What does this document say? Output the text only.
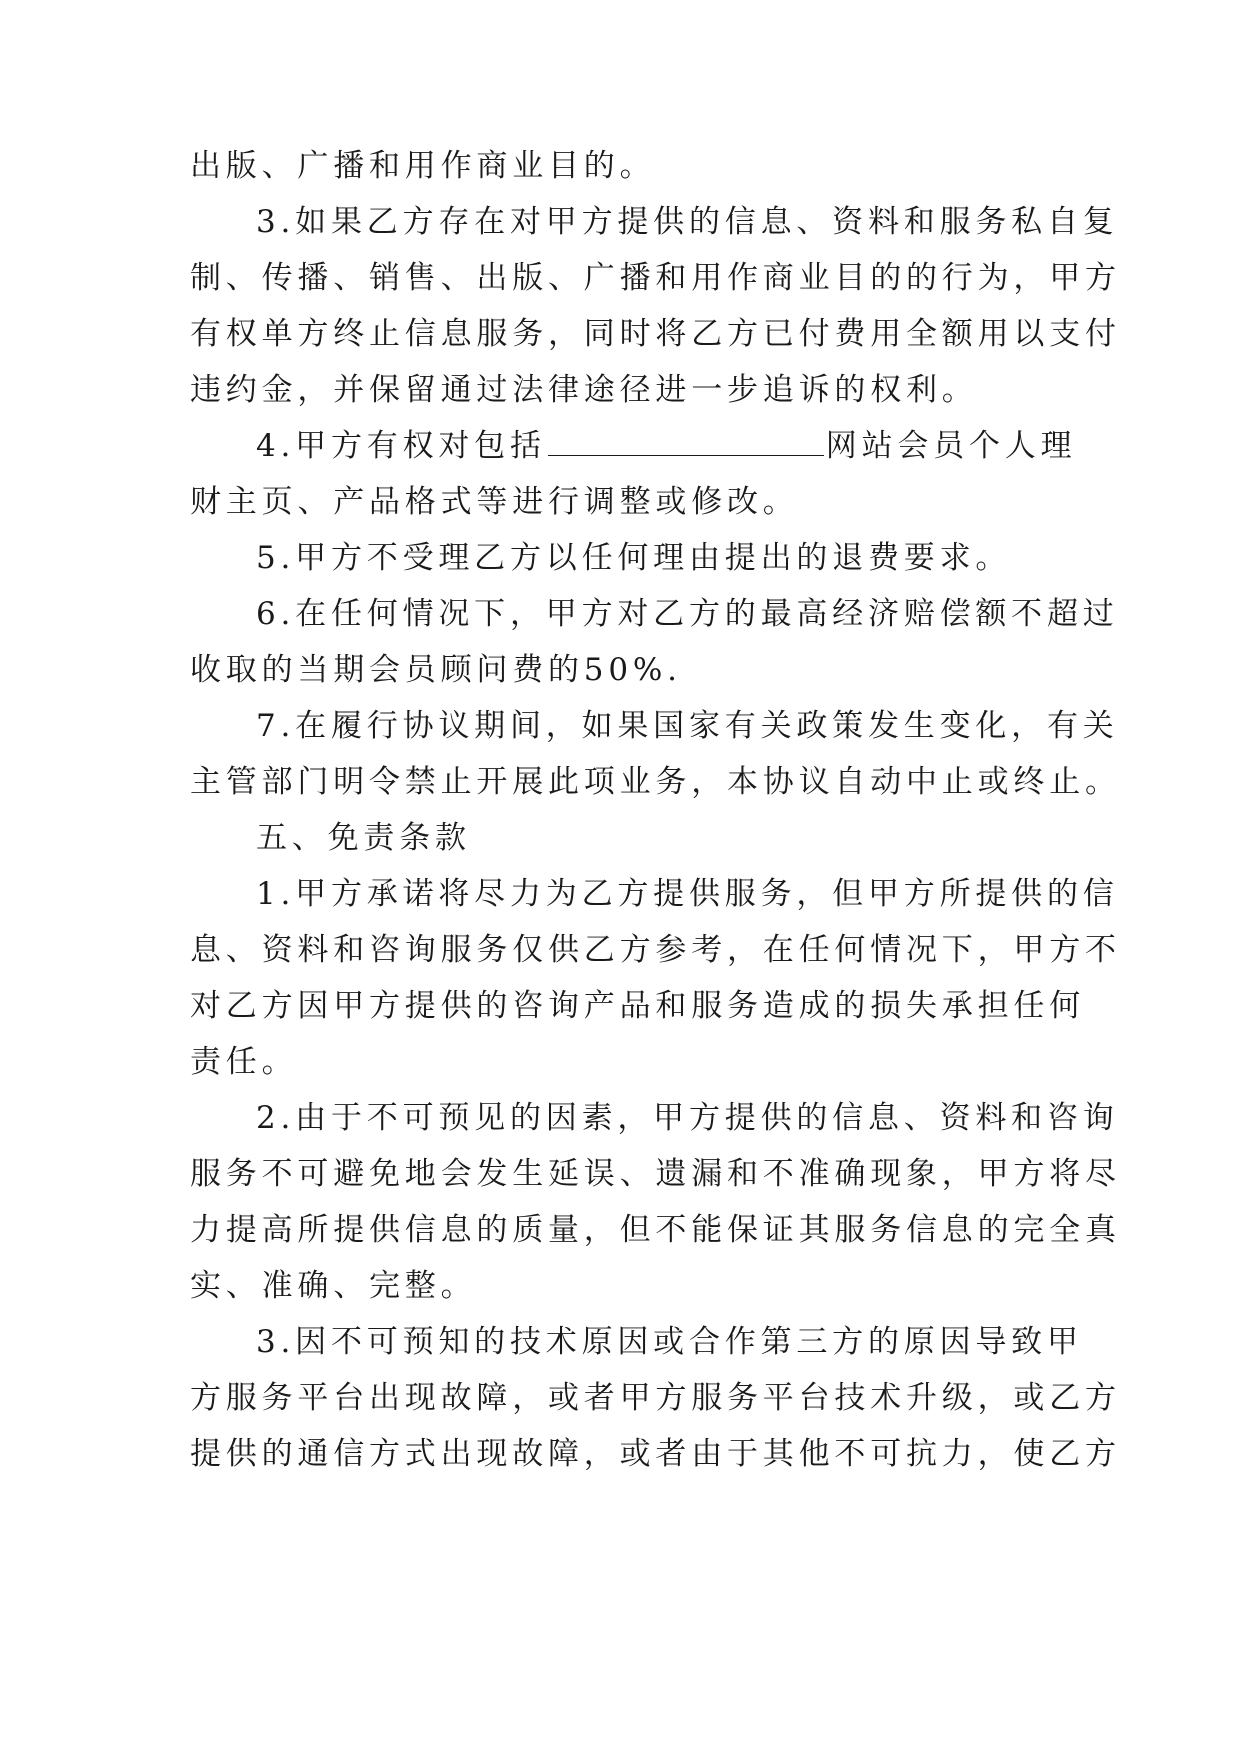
出版、广播和用作商业目的。
3.如果乙方存在对甲方提供的信息、资料和服务私自复
制、传播、销售、出版、广播和用作商业目的的行为，甲方
有权单方终止信息服务，同时将乙方已付费用全额用以支付
违约金，并保留通过法律途径进一步追诉的权利。
4.甲方有权对包括	网站会员个人理
财主页、产品格式等进行调整或修改。
5.甲方不受理乙方以任何理由提出的退费要求。
6.在任何情况下，甲方对乙方的最高经济赔偿额不超过
收取的当期会员顾问费的50%.
7.在履行协议期间，如果国家有关政策发生变化，有关
主管部门明令禁止开展此项业务，本协议自动中止或终止。
五、免责条款
1.甲方承诺将尽力为乙方提供服务，但甲方所提供的信
息、资料和咨询服务仅供乙方参考，在任何情况下，甲方不
对乙方因甲方提供的咨询产品和服务造成的损失承担任何
责任。
2.由于不可预见的因素，甲方提供的信息、资料和咨询
服务不可避免地会发生延误、遗漏和不准确现象，甲方将尽
力提高所提供信息的质量，但不能保证其服务信息的完全真
实、准确、完整。
3.因不可预知的技术原因或合作第三方的原因导致甲
方服务平台出现故障，或者甲方服务平台技术升级，或乙方
提供的通信方式出现故障，或者由于其他不可抗力，使乙方
